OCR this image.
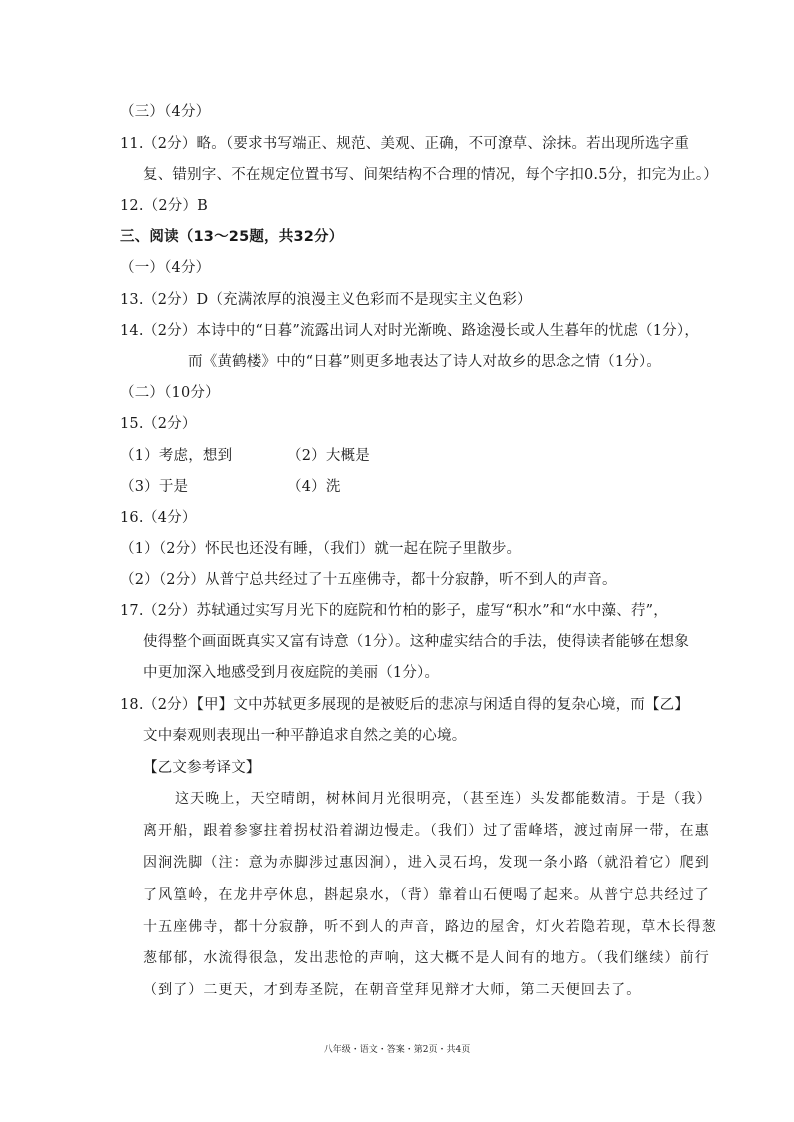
（三）（4分）
11. （2分）略。（要求书写端正、规范、美观、正确，不可潦草、涂抹。若出现所选字重
复、错别字、不在规定位置书写、间架结构不合理的情况，每个字扣0.5分，扣完为止。）
12.（2分）B
三、阅读（13～25题，共32分）
（一）（4分）
13. （2分）D（充满浓厚的浪漫主义色彩而不是现实主义色彩）
14. （2分）本诗中的“日暮”流露出词人对时光渐晚、路途漫长或人生暮年的忧虑（1分），
而《黄鹤楼》中的“日暮”则更多地表达了诗人对故乡的思念之情（1分）。
（二）（10分）
15. （2分）
（1）考虑，想到	（2）大概是
（3）于是	（4）洗
16. （4分）
（1）（2分）怀民也还没有睡，（我们）就一起在院子里散步。
（2）（2分）从普宁总共经过了十五座佛寺，都十分寂静，听不到人的声音。
17. （2分）苏轼通过实写月光下的庭院和竹柏的影子，虚写“积水”和“水中藻、荇”，
使得整个画面既真实又富有诗意（1分）。这种虚实结合的手法，使得读者能够在想象
中更加深入地感受到月夜庭院的美丽（1分）。
18. （2分）【甲】文中苏轼更多展现的是被贬后的悲凉与闲适自得的复杂心境，而【乙】
文中秦观则表现出一种平静追求自然之美的心境。
【乙文参考译文】
这天晚上，天空晴朗，树林间月光很明亮，（甚至连）头发都能数清。于是（我）
离开船，跟着参寥拄着拐杖沿着湖边慢走。（我们）过了雷峰塔，渡过南屏一带，在惠
因涧洗脚（注：意为赤脚涉过惠因涧），进入灵石坞，发现一条小路（就沿着它）爬到
了风篁岭，在龙井亭休息，斟起泉水，（背）靠着山石便喝了起来。从普宁总共经过了
十五座佛寺，都十分寂静，听不到人的声音，路边的屋舍，灯火若隐若现，草木长得葱
葱郁郁，水流得很急，发出悲怆的声响，这大概不是人间有的地方。（我们继续）前行
（到了）二更天，才到寿圣院，在朝音堂拜见辩才大师，第二天便回去了。
八年级・语文・答案・第2页・共4页
